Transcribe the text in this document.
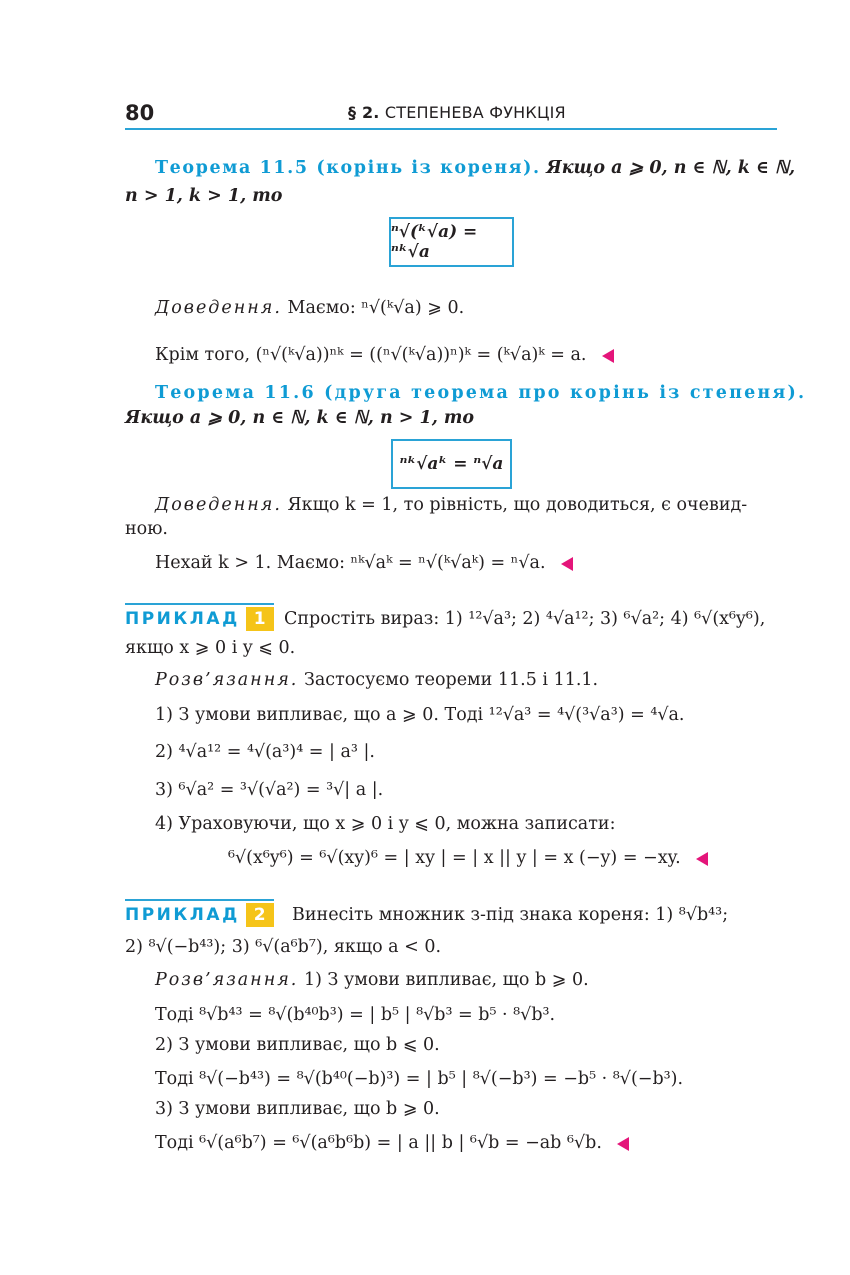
80	§ 2. СТЕПЕНЕВА ФУНКЦІЯ
Теорема 11.5 (корінь із кореня). Якщо a ⩾ 0, n ∈ ℕ, k ∈ ℕ,
n > 1, k > 1, то
ⁿ√(ᵏ√a) = ⁿᵏ√a
Доведення. Маємо: ⁿ√(ᵏ√a) ⩾ 0.
Крім того, (ⁿ√(ᵏ√a))ⁿᵏ = ((ⁿ√(ᵏ√a))ⁿ)ᵏ = (ᵏ√a)ᵏ = a.
Теорема 11.6 (друга теорема про корінь із степеня).
Якщо a ⩾ 0, n ∈ ℕ, k ∈ ℕ, n > 1, то
ⁿᵏ√aᵏ = ⁿ√a
Доведення. Якщо k = 1, то рівність, що доводиться, є очевид-
ною.
Нехай k > 1. Маємо: ⁿᵏ√aᵏ = ⁿ√(ᵏ√aᵏ) = ⁿ√a.
ПРИКЛАД 1	Спростіть вираз: 1) ¹²√a³; 2) ⁴√a¹²; 3) ⁶√a²; 4) ⁶√(x⁶y⁶),
якщо x ⩾ 0 і y ⩽ 0.
Розв’язання. Застосуємо теореми 11.5 і 11.1.
1) З умови випливає, що a ⩾ 0. Тоді ¹²√a³ = ⁴√(³√a³) = ⁴√a.
2) ⁴√a¹² = ⁴√(a³)⁴ = | a³ |.
3) ⁶√a² = ³√(√a²) = ³√| a |.
4) Ураховуючи, що x ⩾ 0 і y ⩽ 0, можна записати:
⁶√(x⁶y⁶) = ⁶√(xy)⁶ = | xy | = | x || y | = x (−y) = −xy.
ПРИКЛАД 2	Винесіть множник з-під знака кореня: 1) ⁸√b⁴³;
2) ⁸√(−b⁴³); 3) ⁶√(a⁶b⁷), якщо a < 0.
Розв’язання. 1) З умови випливає, що b ⩾ 0.
Тоді ⁸√b⁴³ = ⁸√(b⁴⁰b³) = | b⁵ | ⁸√b³ = b⁵ · ⁸√b³.
2) З умови випливає, що b ⩽ 0.
Тоді ⁸√(−b⁴³) = ⁸√(b⁴⁰(−b)³) = | b⁵ | ⁸√(−b³) = −b⁵ · ⁸√(−b³).
3) З умови випливає, що b ⩾ 0.
Тоді ⁶√(a⁶b⁷) = ⁶√(a⁶b⁶b) = | a || b | ⁶√b = −ab ⁶√b.
